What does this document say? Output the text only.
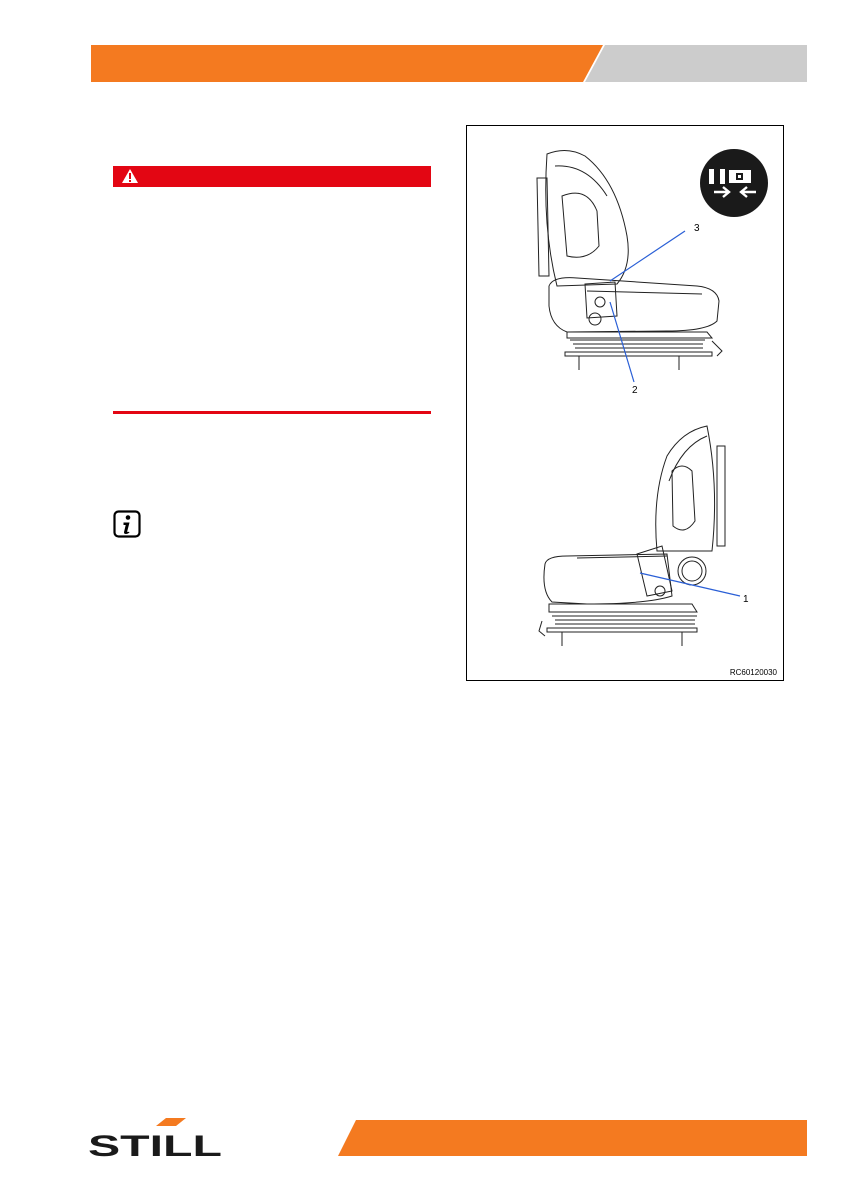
3
2
1
RC60120030
STILL
